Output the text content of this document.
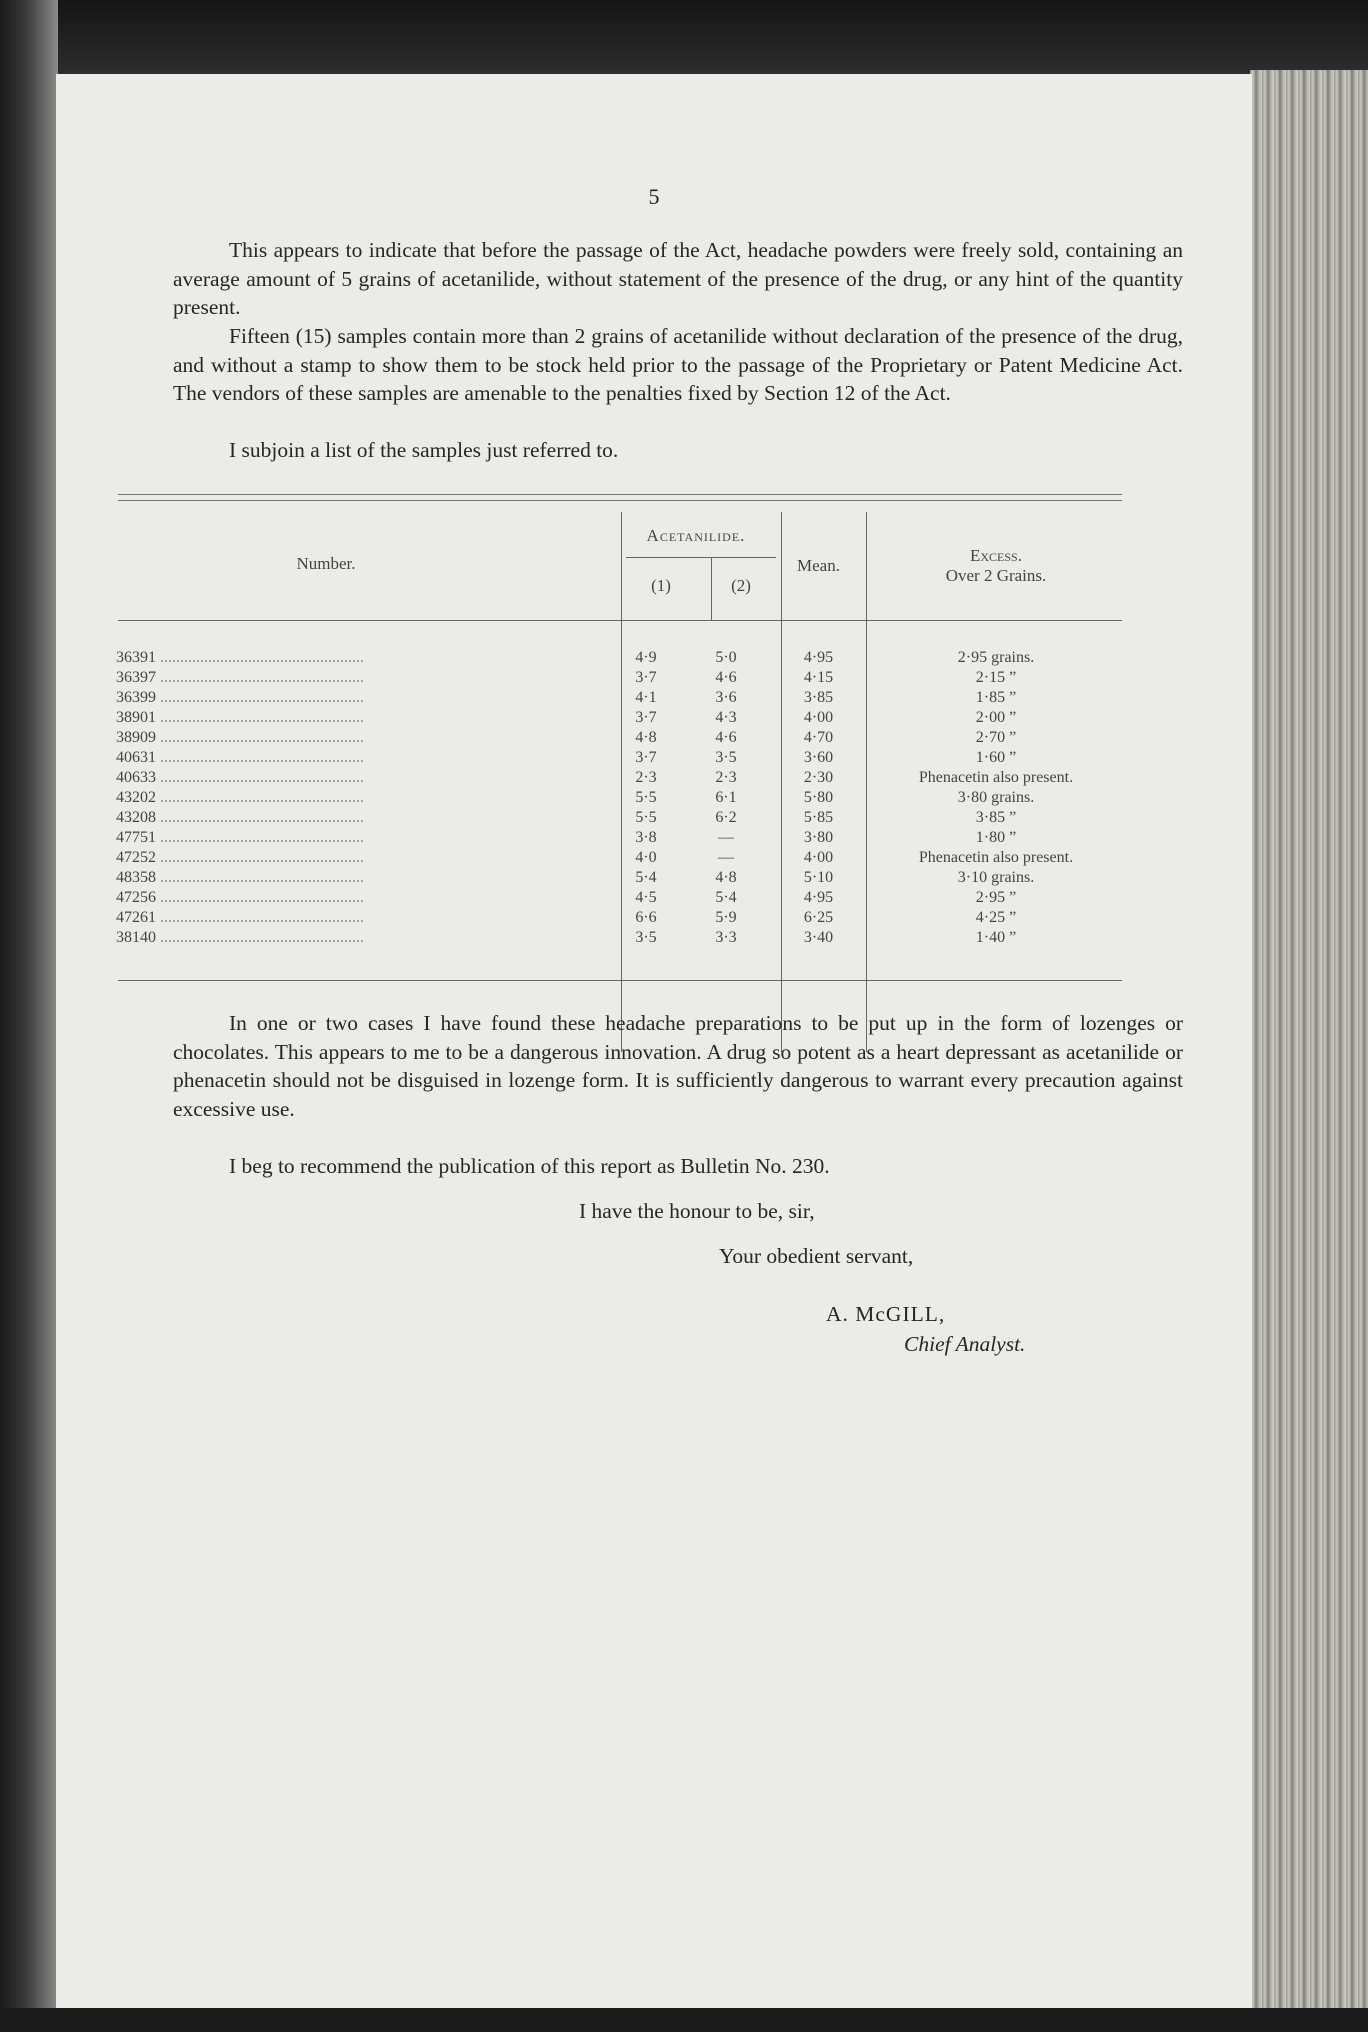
5

This appears to indicate that before the passage of the Act, headache powders were freely sold, containing an average amount of 5 grains of acetanilide, without statement of the presence of the drug, or any hint of the quantity present.

Fifteen (15) samples contain more than 2 grains of acetanilide without declaration of the presence of the drug, and without a stamp to show them to be stock held prior to the passage of the Proprietary or Patent Medicine Act. The vendors of these samples are amenable to the penalties fixed by Section 12 of the Act.

I subjoin a list of the samples just referred to.

Number.
Acetanilide.
(1)	(2)
Mean.
Excess.
Over 2 Grains.
36391 ...................................................	4·9	5·0	4·95	2·95 grains.
36397 ...................................................	3·7	4·6	4·15	2·15 ”
36399 ...................................................	4·1	3·6	3·85	1·85 ”
38901 ...................................................	3·7	4·3	4·00	2·00 ”
38909 ...................................................	4·8	4·6	4·70	2·70 ”
40631 ...................................................	3·7	3·5	3·60	1·60 ”
40633 ...................................................	2·3	2·3	2·30	Phenacetin also present.
43202 ...................................................	5·5	6·1	5·80	3·80 grains.
43208 ...................................................	5·5	6·2	5·85	3·85 ”
47751 ...................................................	3·8	—	3·80	1·80 ”
47252 ...................................................	4·0	—	4·00	Phenacetin also present.
48358 ...................................................	5·4	4·8	5·10	3·10 grains.
47256 ...................................................	4·5	5·4	4·95	2·95 ”
47261 ...................................................	6·6	5·9	6·25	4·25 ”
38140 ...................................................	3·5	3·3	3·40	1·40 ”

In one or two cases I have found these headache preparations to be put up in the form of lozenges or chocolates. This appears to me to be a dangerous innovation. A drug so potent as a heart depressant as acetanilide or phenacetin should not be disguised in lozenge form. It is sufficiently dangerous to warrant every precaution against excessive use.

I beg to recommend the publication of this report as Bulletin No. 230.

I have the honour to be, sir,
Your obedient servant,
A. McGILL,
Chief Analyst.
